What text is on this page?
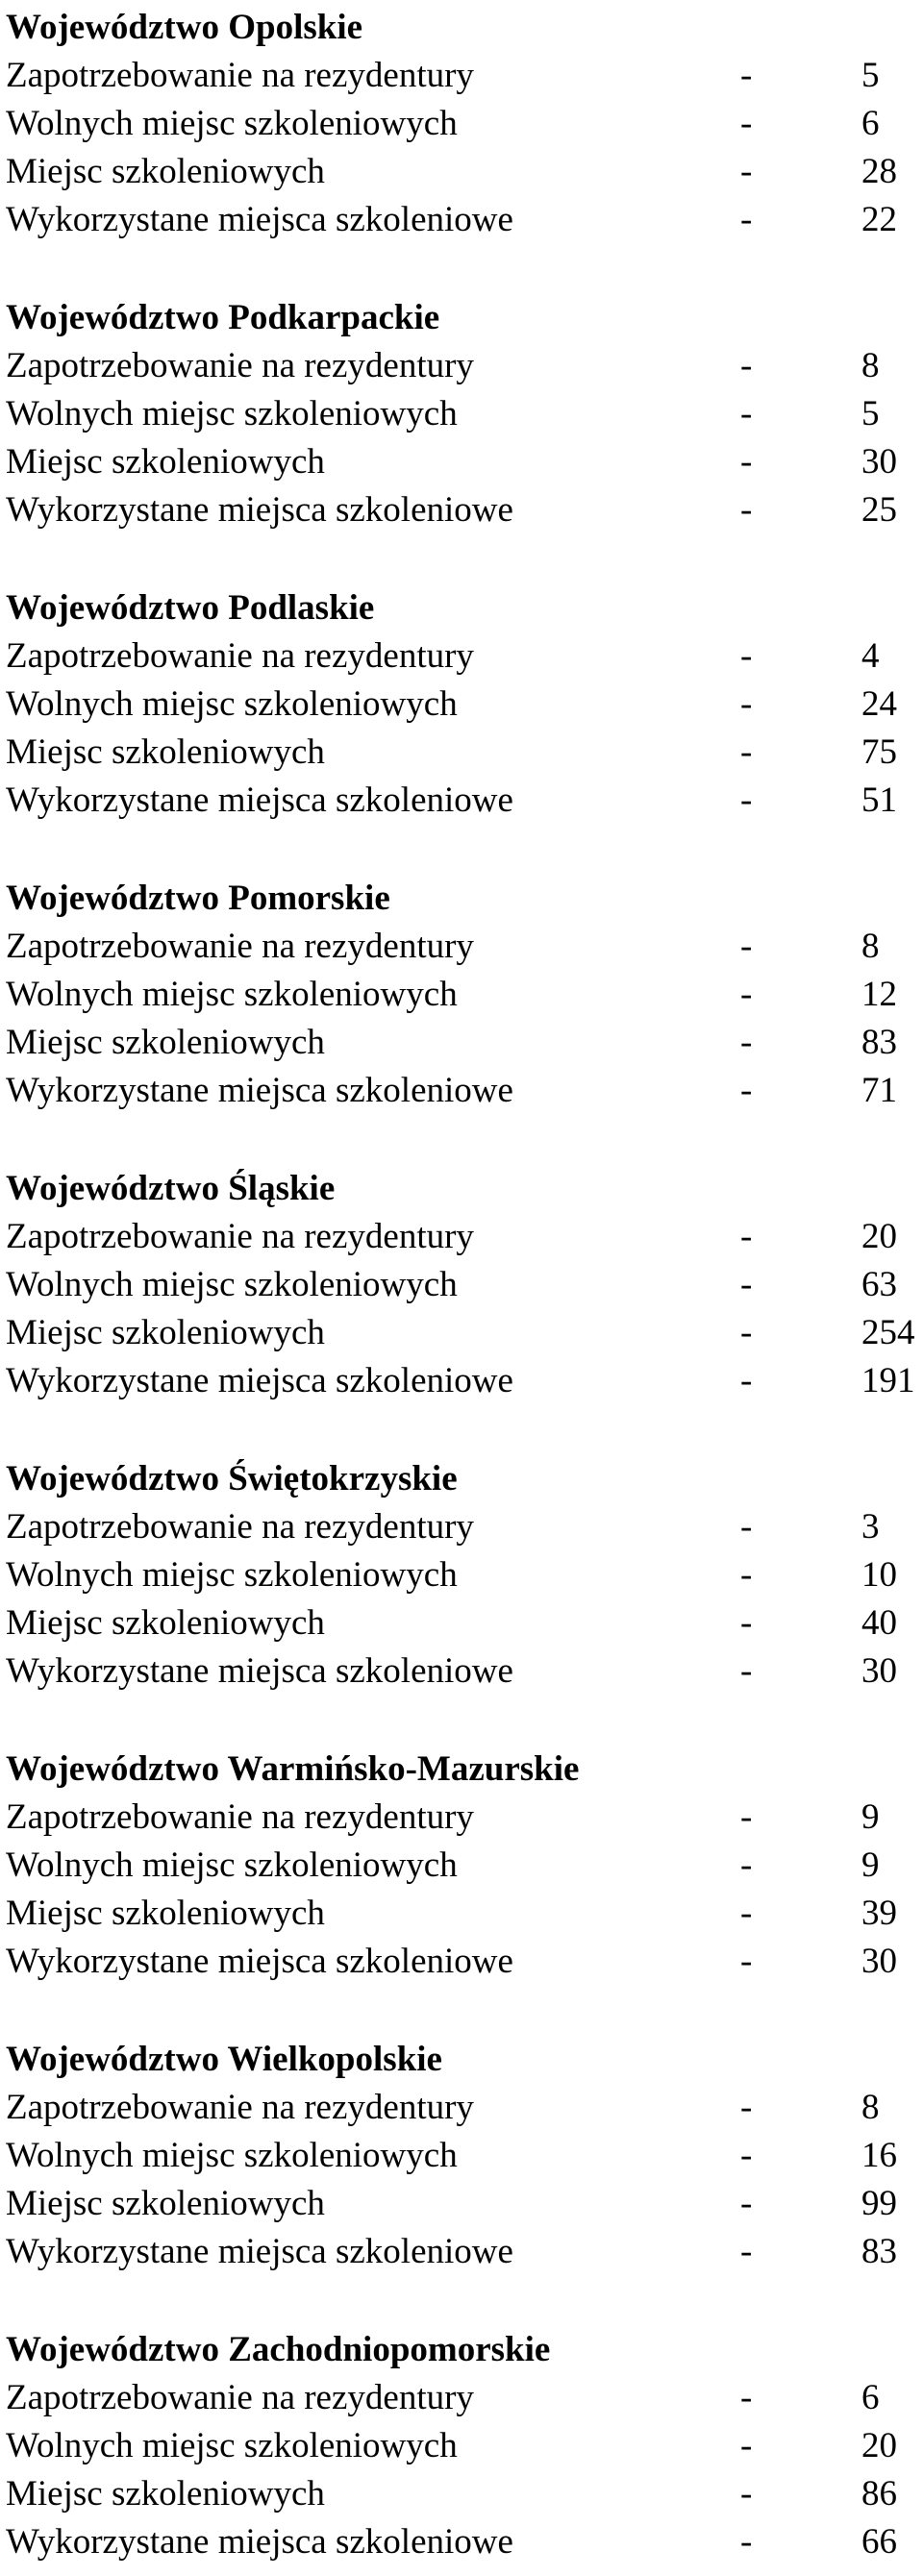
Województwo Opolskie
Zapotrzebowanie na rezydentury	-	5
Wolnych miejsc szkoleniowych	-	6
Miejsc szkoleniowych	-	28
Wykorzystane miejsca szkoleniowe	-	22
Województwo Podkarpackie
Zapotrzebowanie na rezydentury	-	8
Wolnych miejsc szkoleniowych	-	5
Miejsc szkoleniowych	-	30
Wykorzystane miejsca szkoleniowe	-	25
Województwo Podlaskie
Zapotrzebowanie na rezydentury	-	4
Wolnych miejsc szkoleniowych	-	24
Miejsc szkoleniowych	-	75
Wykorzystane miejsca szkoleniowe	-	51
Województwo Pomorskie
Zapotrzebowanie na rezydentury	-	8
Wolnych miejsc szkoleniowych	-	12
Miejsc szkoleniowych	-	83
Wykorzystane miejsca szkoleniowe	-	71
Województwo Śląskie
Zapotrzebowanie na rezydentury	-	20
Wolnych miejsc szkoleniowych	-	63
Miejsc szkoleniowych	-	254
Wykorzystane miejsca szkoleniowe	-	191
Województwo Świętokrzyskie
Zapotrzebowanie na rezydentury	-	3
Wolnych miejsc szkoleniowych	-	10
Miejsc szkoleniowych	-	40
Wykorzystane miejsca szkoleniowe	-	30
Województwo Warmińsko-Mazurskie
Zapotrzebowanie na rezydentury	-	9
Wolnych miejsc szkoleniowych	-	9
Miejsc szkoleniowych	-	39
Wykorzystane miejsca szkoleniowe	-	30
Województwo Wielkopolskie
Zapotrzebowanie na rezydentury	-	8
Wolnych miejsc szkoleniowych	-	16
Miejsc szkoleniowych	-	99
Wykorzystane miejsca szkoleniowe	-	83
Województwo Zachodniopomorskie
Zapotrzebowanie na rezydentury	-	6
Wolnych miejsc szkoleniowych	-	20
Miejsc szkoleniowych	-	86
Wykorzystane miejsca szkoleniowe	-	66
